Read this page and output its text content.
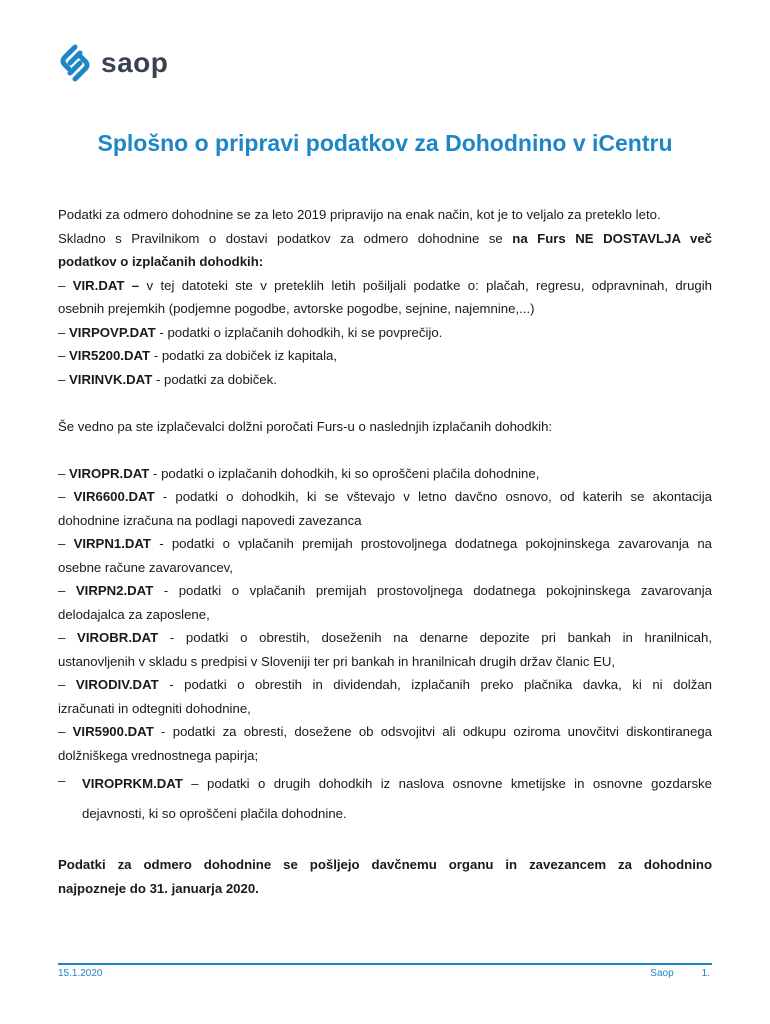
saop
Splošno o pripravi podatkov za Dohodnino v iCentru
Podatki za odmero dohodnine se za leto 2019 pripravijo na enak način, kot je to veljalo za preteklo leto.
Skladno s Pravilnikom o dostavi podatkov za odmero dohodnine se na Furs NE DOSTAVLJA več
podatkov o izplačanih dohodkih:
– VIR.DAT – v tej datoteki ste v preteklih letih pošiljali podatke o: plačah, regresu, odpravninah, drugih
osebnih prejemkih (podjemne pogodbe, avtorske pogodbe, sejnine, najemnine,...)
– VIRPOVP.DAT - podatki o izplačanih dohodkih, ki se povprečijo.
– VIR5200.DAT - podatki za dobiček iz kapitala,
– VIRINVK.DAT - podatki za dobiček.
Še vedno pa ste izplačevalci dolžni poročati Furs-u o naslednjih izplačanih dohodkih:
– VIROPR.DAT - podatki o izplačanih dohodkih, ki so oproščeni plačila dohodnine,
– VIR6600.DAT - podatki o dohodkih, ki se vštevajo v letno davčno osnovo, od katerih se akontacija
dohodnine izračuna na podlagi napovedi zavezanca
– VIRPN1.DAT - podatki o vplačanih premijah prostovoljnega dodatnega pokojninskega zavarovanja na
osebne račune zavarovancev,
– VIRPN2.DAT - podatki o vplačanih premijah prostovoljnega dodatnega pokojninskega zavarovanja
delodajalca za zaposlene,
– VIROBR.DAT - podatki o obrestih, doseženih na denarne depozite pri bankah in hranilnicah,
ustanovljenih v skladu s predpisi v Sloveniji ter pri bankah in hranilnicah drugih držav članic EU,
– VIRODIV.DAT - podatki o obrestih in dividendah, izplačanih preko plačnika davka, ki ni dolžan
izračunati in odtegniti dohodnine,
– VIR5900.DAT - podatki za obresti, dosežene ob odsvojitvi ali odkupu oziroma unovčitvi diskontiranega
dolžniškega vrednostnega papirja;
–	VIROPRKM.DAT – podatki o drugih dohodkih iz naslova osnovne kmetijske in osnovne gozdarske
dejavnosti, ki so oproščeni plačila dohodnine.
Podatki za odmero dohodnine se pošljejo davčnemu organu in zavezancem za dohodnino
najpozneje do 31. januarja 2020.
15.1.2020	Saop	1.
